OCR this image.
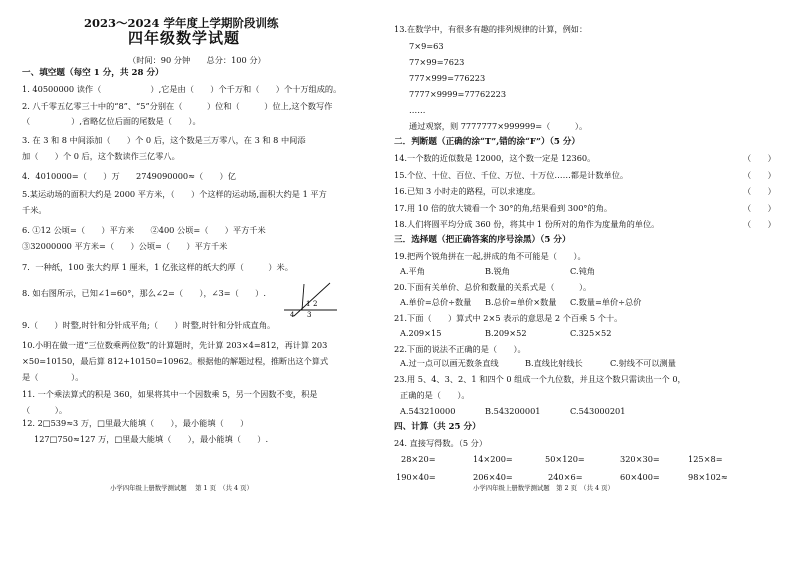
2023～2024 学年度上学期阶段训练
四年级数学试题
（时间：90 分钟　　总分：100 分）
一、填空题（每空 1 分，共 28 分）
1. 40500000 读作（　　　　　　）,它是由（　　）个千万和（　　）个十万组成的。
2. 八千零五亿零三十中的“8”、“5”分别在（　　　）位和（　　　）位上,这个数写作
（　　　　　）,省略亿位后面的尾数是（　　）。
3. 在 3 和 8 中间添加（　　）个 0 后，这个数是三万零八，在 3 和 8 中间添
加（　　）个 0 后，这个数读作三亿零八。
4．4010000=（　　）万　　2749090000≈（　　）亿
5.某运动场的面积大约是 2000 平方米，（　　）个这样的运动场,面积大约是 1 平方
千米。
6. ①12 公顷=（　　）平方米　　②400 公顷=（　　）平方千米
③32000000 平方米=（　　）公顷=（　　）平方千米
7．一种纸，100 张大约厚 1 厘米，1 亿张这样的纸大约厚（　　　）米。
8. 如右图所示，已知∠1=60°，那么∠2=（　　），∠3=（　　）.
1 2
4 3
9.（　　）时整,时针和分针成平角;（　　）时整,时针和分针成直角。
10.小明在做一道“三位数乘两位数”的计算题时，先计算 203×4=812，再计算 203
×50=10150，最后算 812+10150=10962。根据他的解题过程，推断出这个算式
是（　　　　）。
11. 一个乘法算式的积是 360，如果将其中一个因数乘 5，另一个因数不变，积是
（　　　）。
12. 2□539≈3 万，□里最大能填（　　），最小能填（　　）
127□750≈127 万，□里最大能填（　　），最小能填（　　）.
小学四年级上册数学测试题　 第 1 页　（共 4 页）
13.在数学中，有很多有趣的排列规律的计算，例如：
7×9=63
77×99=7623
777×999=776223
7777×9999=77762223
……
通过观察，则 7777777×999999=（　　　）。
二．判断题（正确的涂“T”,错的涂“F”）（5 分）
14.一个数的近似数是 12000，这个数一定是 12360。	（　　）
15.个位、十位、百位、千位、万位、十万位……都是计数单位。	（　　）
16.已知 3 小时走的路程，可以求速度。	（　　）
17.用 10 倍的放大镜看一个 30°的角,结果看到 300°的角。	（　　）
18.人们将圆平均分成 360 份，将其中 1 份所对的角作为度量角的单位。	（　　）
三．选择题（把正确答案的序号涂黑）（5 分）
19.把两个锐角拼在一起,拼成的角不可能是（　　）。
A.平角	B.锐角	C.钝角
20.下面有关单价、总价和数量的关系式是（　　　）。
A.单价=总价÷数量	B.总价=单价×数量	C.数量=单价÷总价
21.下面（　　）算式中 2×5 表示的意思是 2 个百乘 5 个十。
A.209×15	B.209×52	C.325×52
22.下面的说法不正确的是（　　）。
A.过一点可以画无数条直线	B.直线比射线长	C.射线不可以测量
23.用 5、4、3、2、1 和四个 0 组成一个九位数，并且这个数只需读出一个 0，
正确的是（　　）。
A.543210000	B.543200001	C.543000201
四、计算（共 25 分）
24. 直接写得数。（5 分）
28×20=	14×200=	50×120=	320×30=	125×8=
190×40=	206×40=	240×6=	60×400=	98×102≈
小学四年级上册数学测试题　第 2 页　（共 4 页）
